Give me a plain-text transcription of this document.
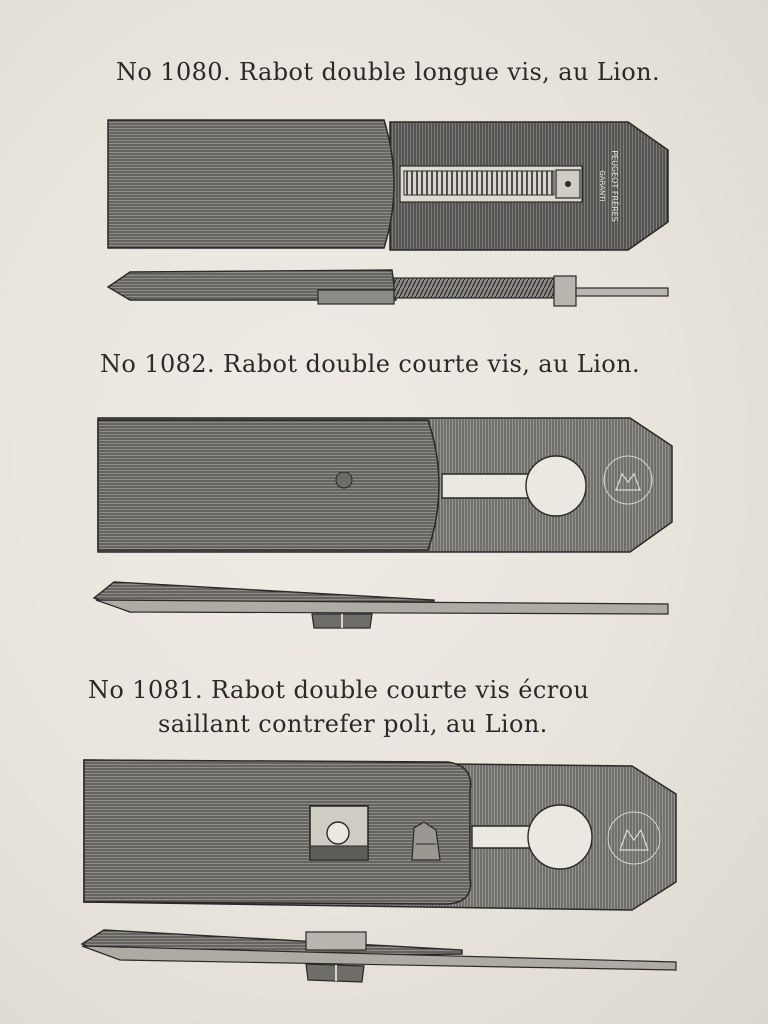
No 1080. Rabot double longue vis, au Lion.
No 1082. Rabot double courte vis, au Lion.
No 1081. Rabot double courte vis écrou
saillant contrefer poli, au Lion.
PEUGEOT FRÈRES
GARANTI
